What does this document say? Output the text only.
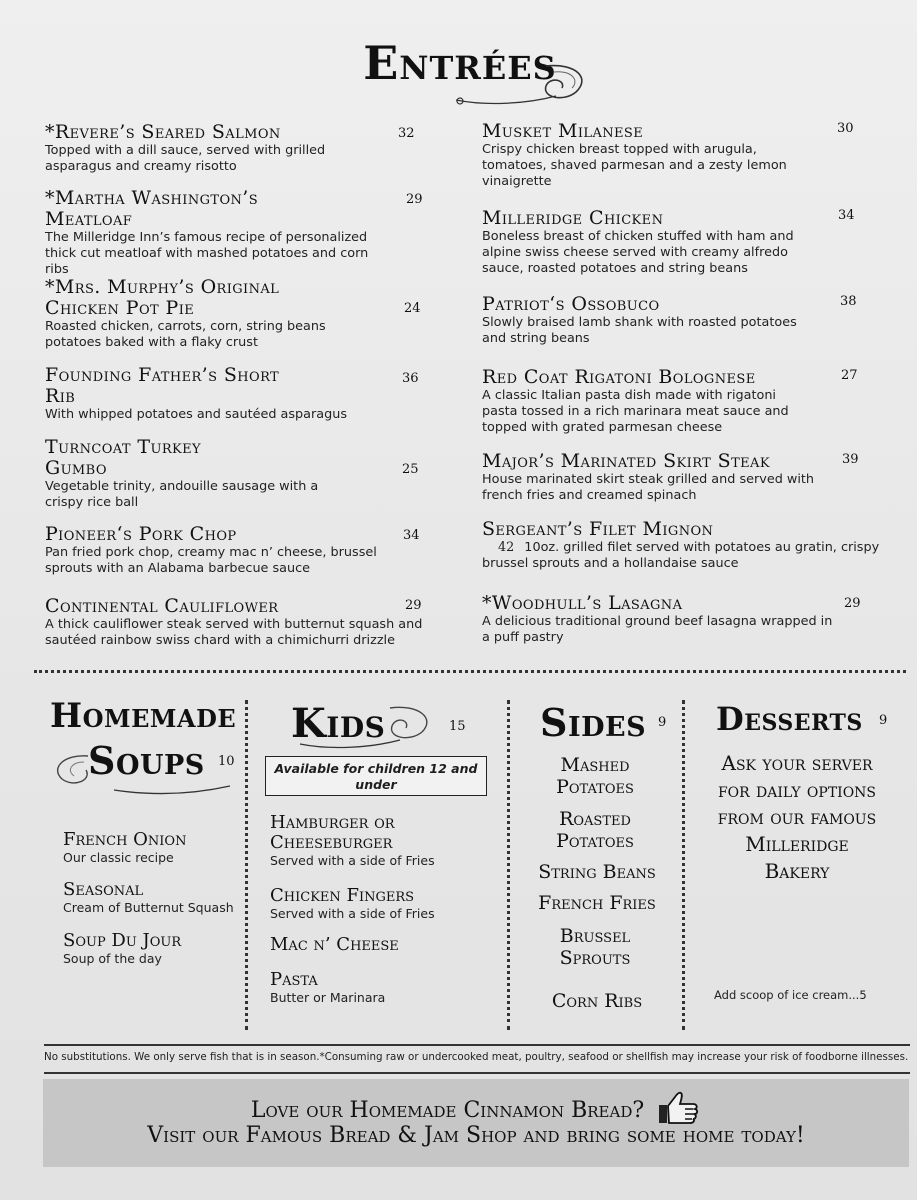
Entrées
*Revere’s Seared Salmon
Topped with a dill sauce, served with grilled asparagus and creamy risotto
32
*Martha Washington’s Meatloaf
The Milleridge Inn’s famous recipe of personalized thick cut meatloaf with mashed potatoes and corn ribs
29
*Mrs. Murphy’s Original Chicken Pot Pie
Roasted chicken, carrots, corn, string beans potatoes baked with a flaky crust
24
Founding Father’s Short Rib
With whipped potatoes and sautéed asparagus
36
Turncoat Turkey Gumbo
Vegetable trinity, andouille sausage with a crispy rice ball
25
Pioneer‘s Pork Chop
Pan fried pork chop, creamy mac n’ cheese, brussel sprouts with an Alabama barbecue sauce
34
Continental Cauliflower
A thick cauliflower steak served with butternut squash and sautéed rainbow swiss chard with a chimichurri drizzle
29
Musket Milanese
Crispy chicken breast topped with arugula, tomatoes, shaved parmesan and a zesty lemon vinaigrette
30
Milleridge Chicken
Boneless breast of chicken stuffed with ham and alpine swiss cheese served with creamy alfredo sauce, roasted potatoes and string beans
34
Patriot‘s Ossobuco
Slowly braised lamb shank with roasted potatoes and string beans
38
Red Coat Rigatoni Bolognese
A classic Italian pasta dish made with rigatoni pasta tossed in a rich marinara meat sauce and topped with grated parmesan cheese
27
Major’s Marinated Skirt Steak
House marinated skirt steak grilled and served with french fries and creamed spinach
39
Sergeant’s Filet Mignon
42 10oz. grilled filet served with potatoes au gratin, crispy brussel sprouts and a hollandaise sauce
*Woodhull’s Lasagna
A delicious traditional ground beef lasagna wrapped in a puff pastry
29
Homemade
Soups 10
French Onion
Our classic recipe
Seasonal
Cream of Butternut Squash
Soup Du Jour
Soup of the day
Kids	15
Available for children 12 and under
Hamburger or Cheeseburger
Served with a side of Fries
Chicken Fingers
Served with a side of Fries
Mac n’ Cheese
Pasta
Butter or Marinara
Sides 9
Mashed Potatoes
Roasted Potatoes
String Beans
French Fries
Brussel Sprouts
Corn Ribs
Desserts 9
Ask your server for daily options from our famous Milleridge Bakery
Add scoop of ice cream...5
No substitutions. We only serve fish that is in season.*Consuming raw or undercooked meat, poultry, seafood or shellfish may increase your risk of foodborne illnesses.
Love our Homemade Cinnamon Bread?
Visit our Famous Bread & Jam Shop and bring some home today!
